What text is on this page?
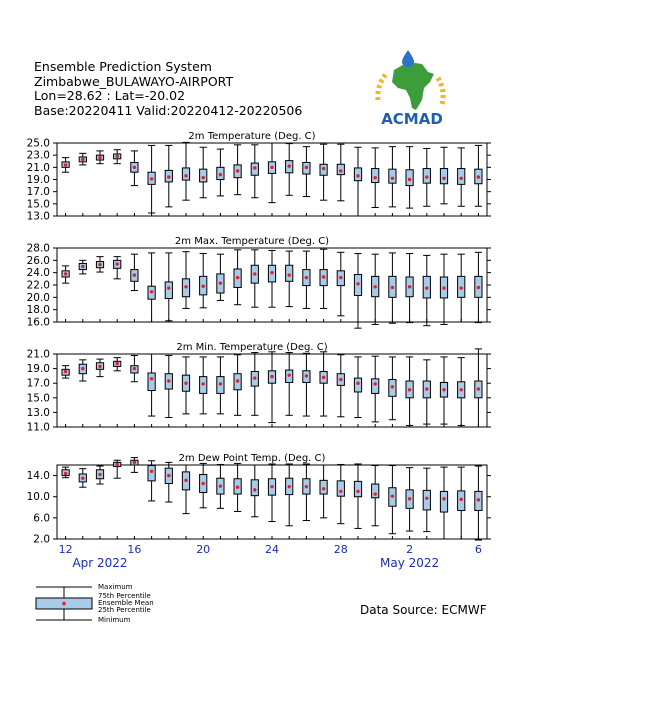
Ensemble Prediction System
Zimbabwe_BULAWAYO-AIRPORT
Lon=28.62 : Lat=-20.02
Base:20220411 Valid:20220412-20220506	ACMAD
2m Temperature (Deg. C)
25.0
23.0
21.0
19.0
17.0
15.0
13.0
2m Max. Temperature (Deg. C)
28.0
26.0
24.0
22.0
20.0
18.0
16.0
2m Min. Temperature (Deg. C)
21.0
19.0
17.0
15.0
13.0
11.0
2m Dew Point Temp. (Deg. C)
14.0
10.0
6.0
2.0
12	16	20	24	28	2	6
Apr 2022	May 2022
Maximum
75th Percentile
Ensemble Mean
25th Percentile
Minimum
Data Source: ECMWF
